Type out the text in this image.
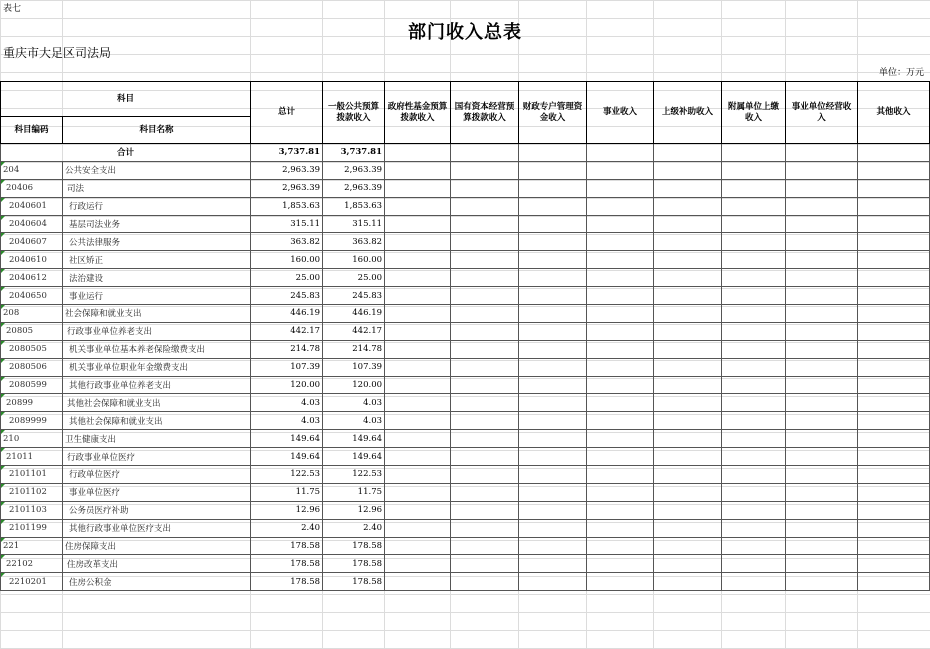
表七
部门收入总表
重庆市大足区司法局
单位：万元
科目		总计	一般公共预算拨款收入	政府性基金预算拨款收入	国有资本经营预算拨款收入	财政专户管理资金收入	事业收入	上级补助收入	附属单位上缴收入	事业单位经营收入	其他收入
科目编码	科目名称										
合计		3,737.81	3,737.81								
204	公共安全支出	2,963.39	2,963.39								
20406	司法	2,963.39	2,963.39								
2040601	行政运行	1,853.63	1,853.63								
2040604	基层司法业务	315.11	315.11								
2040607	公共法律服务	363.82	363.82								
2040610	社区矫正	160.00	160.00								
2040612	法治建设	25.00	25.00								
2040650	事业运行	245.83	245.83								
208	社会保障和就业支出	446.19	446.19								
20805	行政事业单位养老支出	442.17	442.17								
2080505	机关事业单位基本养老保险缴费支出	214.78	214.78								
2080506	机关事业单位职业年金缴费支出	107.39	107.39								
2080599	其他行政事业单位养老支出	120.00	120.00								
20899	其他社会保障和就业支出	4.03	4.03								
2089999	其他社会保障和就业支出	4.03	4.03								
210	卫生健康支出	149.64	149.64								
21011	行政事业单位医疗	149.64	149.64								
2101101	行政单位医疗	122.53	122.53								
2101102	事业单位医疗	11.75	11.75								
2101103	公务员医疗补助	12.96	12.96								
2101199	其他行政事业单位医疗支出	2.40	2.40								
221	住房保障支出	178.58	178.58								
22102	住房改革支出	178.58	178.58								
2210201	住房公积金	178.58	178.58								
